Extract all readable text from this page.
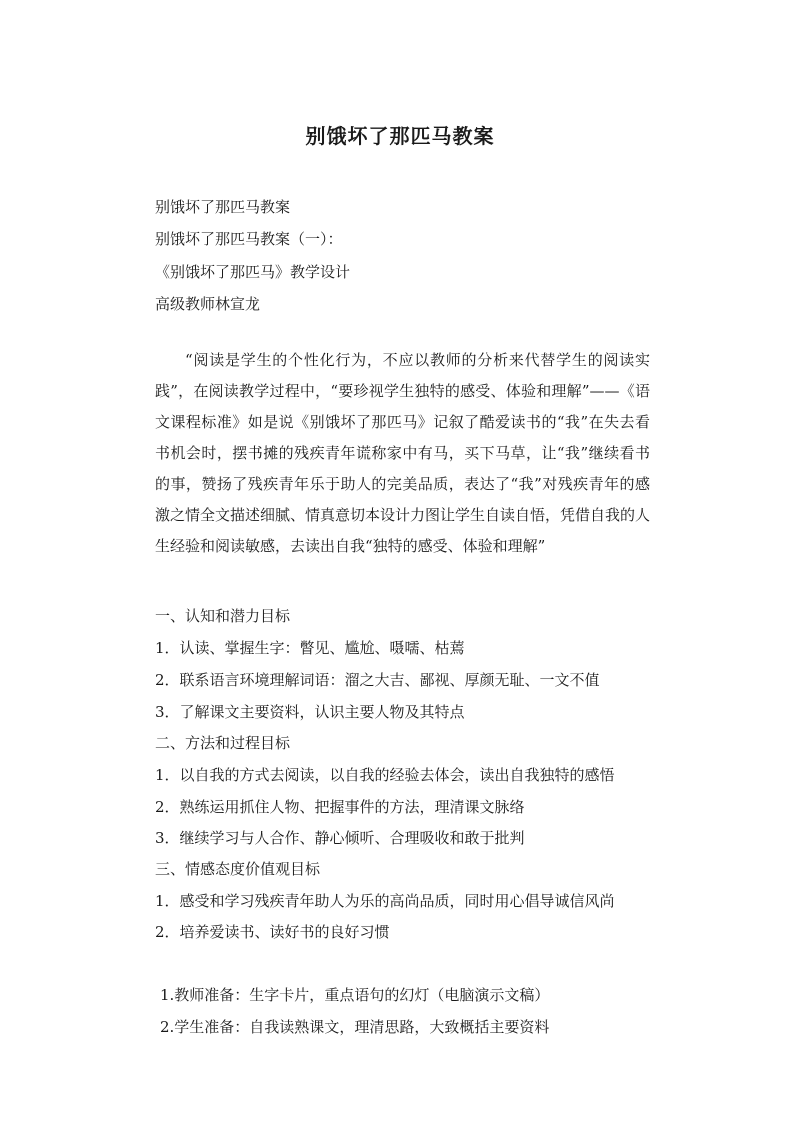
别饿坏了那匹马教案
别饿坏了那匹马教案
别饿坏了那匹马教案（一）：
《别饿坏了那匹马》教学设计
高级教师林宣龙
“阅读是学生的个性化行为，不应以教师的分析来代替学生的阅读实践”，在阅读教学过程中，“要珍视学生独特的感受、体验和理解”——《语文课程标准》如是说《别饿坏了那匹马》记叙了酷爱读书的“我”在失去看书机会时，摆书摊的残疾青年谎称家中有马，买下马草，让“我”继续看书的事，赞扬了残疾青年乐于助人的完美品质，表达了“我”对残疾青年的感激之情全文描述细腻、情真意切本设计力图让学生自读自悟，凭借自我的人生经验和阅读敏感，去读出自我“独特的感受、体验和理解”
一、认知和潜力目标
1．认读、掌握生字：瞥见、尴尬、嗫嚅、枯蔫
2．联系语言环境理解词语：溜之大吉、鄙视、厚颜无耻、一文不值
3．了解课文主要资料，认识主要人物及其特点
二、方法和过程目标
1．以自我的方式去阅读，以自我的经验去体会，读出自我独特的感悟
2．熟练运用抓住人物、把握事件的方法，理清课文脉络
3．继续学习与人合作、静心倾听、合理吸收和敢于批判
三、情感态度价值观目标
1．感受和学习残疾青年助人为乐的高尚品质，同时用心倡导诚信风尚
2．培养爱读书、读好书的良好习惯
1.教师准备：生字卡片，重点语句的幻灯（电脑演示文稿）
2.学生准备：自我读熟课文，理清思路，大致概括主要资料
